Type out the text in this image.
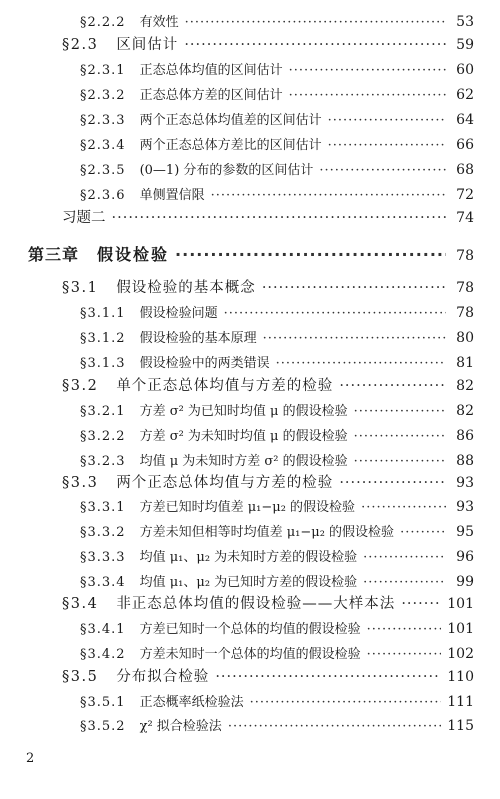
§2.2.2 有效性 ·····	53
§2.3 区间估计 ·····	59
§2.3.1 正态总体均值的区间估计 ·····	60
§2.3.2 正态总体方差的区间估计 ·····	62
§2.3.3 两个正态总体均值差的区间估计 ·····	64
§2.3.4 两个正态总体方差比的区间估计 ·····	66
§2.3.5 (0—1) 分布的参数的区间估计 ·····	68
§2.3.6 单侧置信限 ·····	72
习题二 ·····	74
第三章 假设检验 ·····	78
§3.1 假设检验的基本概念 ·····	78
§3.1.1 假设检验问题 ·····	78
§3.1.2 假设检验的基本原理 ·····	80
§3.1.3 假设检验中的两类错误 ·····	81
§3.2 单个正态总体均值与方差的检验 ·····	82
§3.2.1 方差 σ² 为已知时均值 μ 的假设检验 ·····	82
§3.2.2 方差 σ² 为未知时均值 μ 的假设检验 ·····	86
§3.2.3 均值 μ 为未知时方差 σ² 的假设检验 ·····	88
§3.3 两个正态总体均值与方差的检验 ·····	93
§3.3.1 方差已知时均值差 μ₁−μ₂ 的假设检验 ·····	93
§3.3.2 方差未知但相等时均值差 μ₁−μ₂ 的假设检验 ·····	95
§3.3.3 均值 μ₁、μ₂ 为未知时方差的假设检验 ·····	96
§3.3.4 均值 μ₁、μ₂ 为已知时方差的假设检验 ·····	99
§3.4 非正态总体均值的假设检验——大样本法 ·····	101
§3.4.1 方差已知时一个总体的均值的假设检验 ·····	101
§3.4.2 方差未知时一个总体的均值的假设检验 ·····	102
§3.5 分布拟合检验 ·····	110
§3.5.1 正态概率纸检验法 ·····	111
§3.5.2 χ² 拟合检验法 ·····	115
2
